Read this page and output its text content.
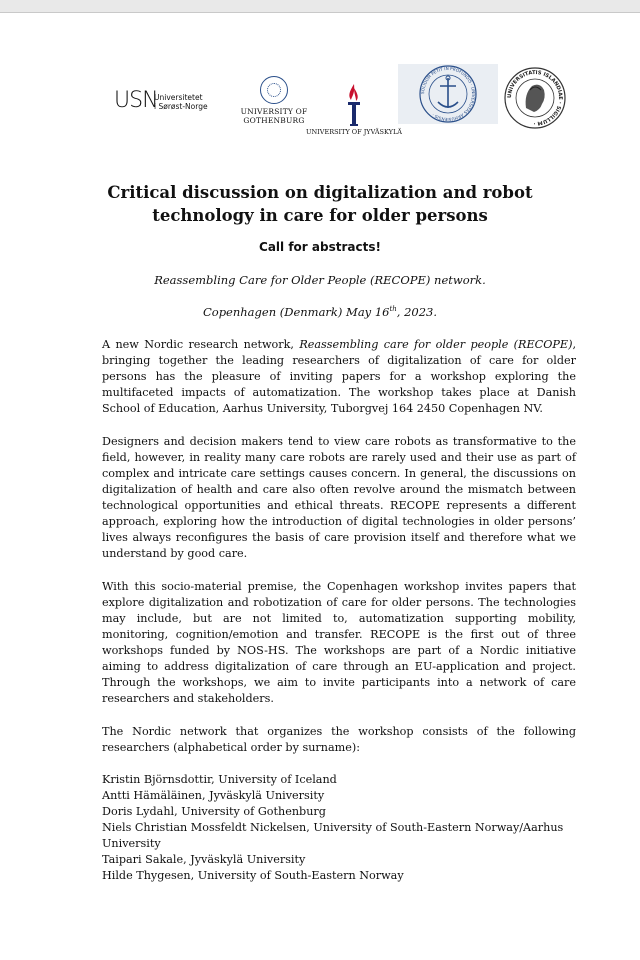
USN
Universitetet
i Sørøst-Norge
UNIVERSITY OF
GOTHENBURG
UNIVERSITY OF JYVÄSKYLÄ
SOLIDUM PETIT IN PROFUNDIS · UNIVERSITAS ARHUSIENSIS ·
UNIVERSITATIS ISLANDIAE · SIGILLUM ·
Critical discussion on digitalization and robot technology in care for older persons
Call for abstracts!
Reassembling Care for Older People (RECOPE) network.
Copenhagen (Denmark) May 16th, 2023.

A new Nordic research network, Reassembling care for older people (RECOPE), bringing together the leading researchers of digitalization of care for older persons has the pleasure of inviting papers for a workshop exploring the multifaceted impacts of automatization. The workshop takes place at Danish School of Education, Aarhus University, Tuborgvej 164 2450 Copenhagen NV.

Designers and decision makers tend to view care robots as transformative to the field, however, in reality many care robots are rarely used and their use as part of complex and intricate care settings causes concern. In general, the discussions on digitalization of health and care also often revolve around the mismatch between technological opportunities and ethical threats. RECOPE represents a different approach, exploring how the introduction of digital technologies in older persons’ lives always reconfigures the basis of care provision itself and therefore what we understand by good care.

With this socio-material premise, the Copenhagen workshop invites papers that explore digitalization and robotization of care for older persons. The technologies may include, but are not limited to, automatization supporting mobility, monitoring, cognition/emotion and transfer. RECOPE is the first out of three workshops funded by NOS-HS. The workshops are part of a Nordic initiative aiming to address digitalization of care through an EU-application and project. Through the workshops, we aim to invite participants into a network of care researchers and stakeholders.

The Nordic network that organizes the workshop consists of the following researchers (alphabetical order by surname):

Kristin Björnsdottir, University of Iceland
Antti Hämäläinen, Jyväskylä University
Doris Lydahl, University of Gothenburg
Niels Christian Mossfeldt Nickelsen, University of South-Eastern Norway/Aarhus University
Taipari Sakale, Jyväskylä University
Hilde Thygesen, University of South-Eastern Norway
